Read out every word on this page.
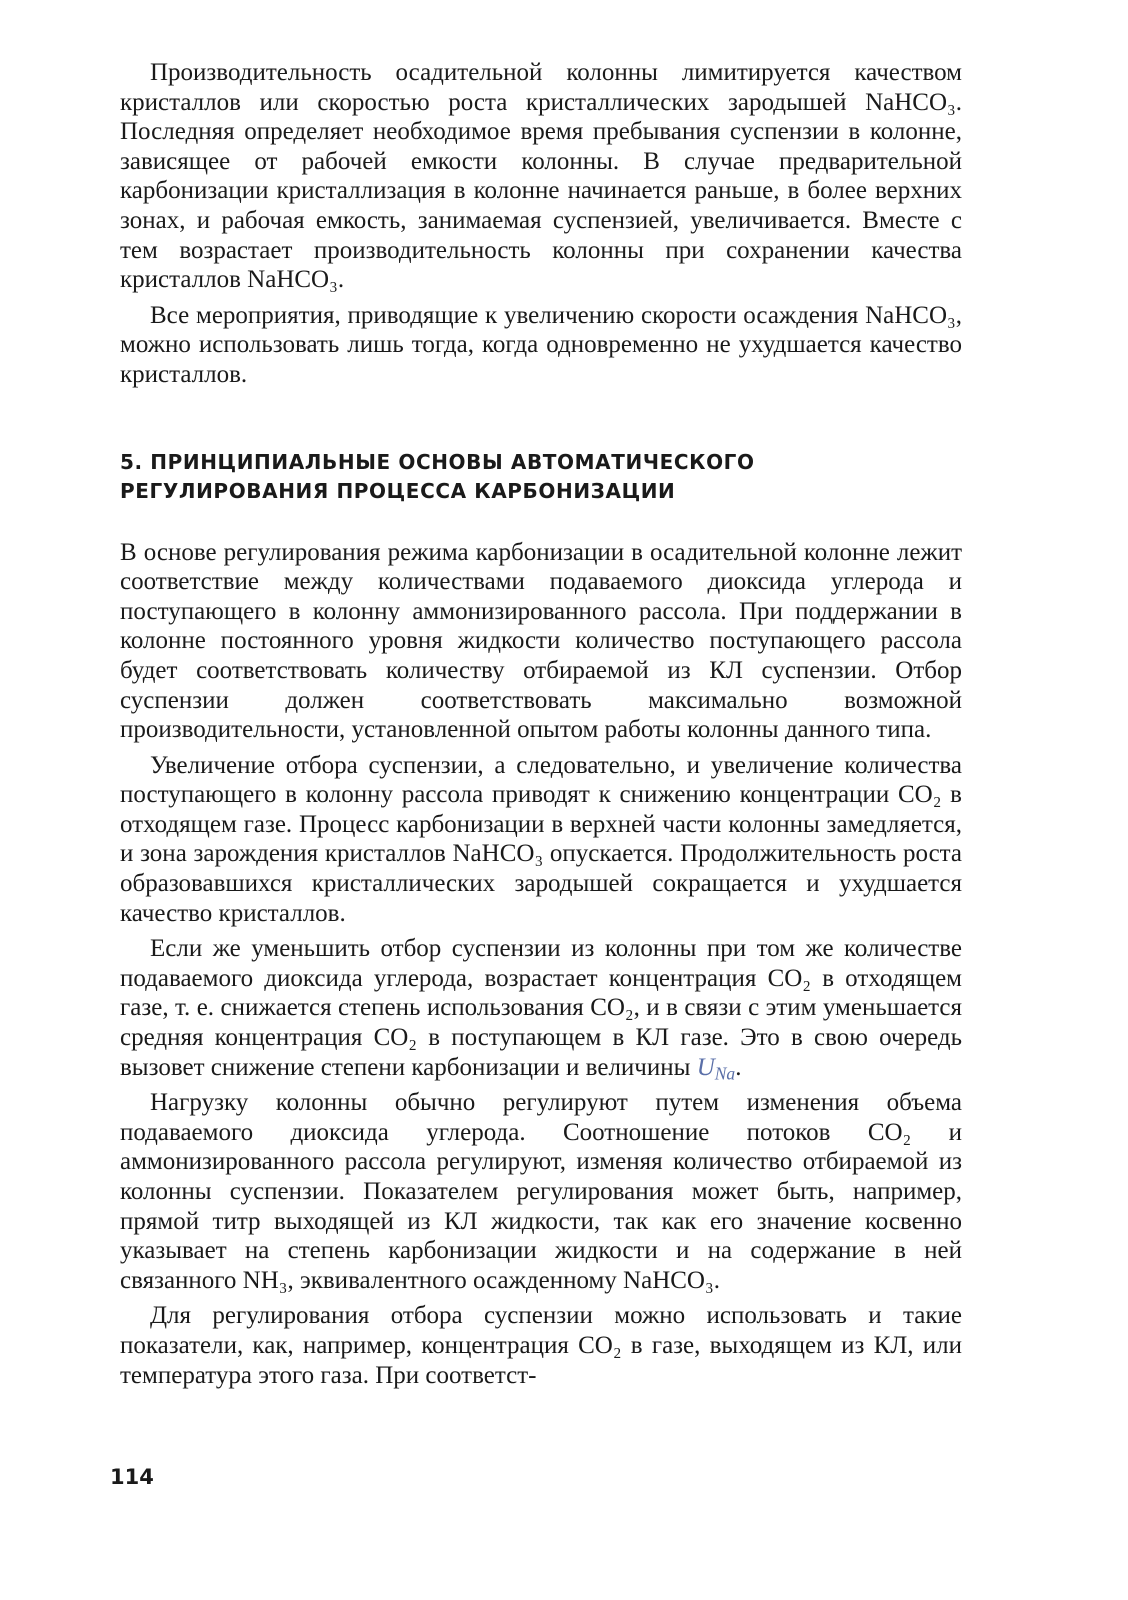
Производительность осадительной колонны лимитируется качеством кристаллов или скоростью роста кристаллических зародышей NaHCO₃. Последняя определяет необходимое время пребывания суспензии в колонне, зависящее от рабочей емкости колонны. В случае предварительной карбонизации кристаллизация в колонне начинается раньше, в более верхних зонах, и рабочая емкость, занимаемая суспензией, увеличивается. Вместе с тем возрастает производительность колонны при сохранении качества кристаллов NaHCO₃.

Все мероприятия, приводящие к увеличению скорости осаждения NaHCO₃, можно использовать лишь тогда, когда одновременно не ухудшается качество кристаллов.

5. ПРИНЦИПИАЛЬНЫЕ ОСНОВЫ АВТОМАТИЧЕСКОГО
РЕГУЛИРОВАНИЯ ПРОЦЕССА КАРБОНИЗАЦИИ

В основе регулирования режима карбонизации в осадительной колонне лежит соответствие между количествами подаваемого диоксида углерода и поступающего в колонну аммонизированного рассола. При поддержании в колонне постоянного уровня жидкости количество поступающего рассола будет соответствовать количеству отбираемой из КЛ суспензии. Отбор суспензии должен соответствовать максимально возможной производительности, установленной опытом работы колонны данного типа.

Увеличение отбора суспензии, а следовательно, и увеличение количества поступающего в колонну рассола приводят к снижению концентрации CO₂ в отходящем газе. Процесс карбонизации в верхней части колонны замедляется, и зона зарождения кристаллов NaHCO₃ опускается. Продолжительность роста образовавшихся кристаллических зародышей сокращается и ухудшается качество кристаллов.

Если же уменьшить отбор суспензии из колонны при том же количестве подаваемого диоксида углерода, возрастает концентрация CO₂ в отходящем газе, т. е. снижается степень использования CO₂, и в связи с этим уменьшается средняя концентрация CO₂ в поступающем в КЛ газе. Это в свою очередь вызовет снижение степени карбонизации и величины $U_{Na}$.

Нагрузку колонны обычно регулируют путем изменения объема подаваемого диоксида углерода. Соотношение потоков CO₂ и аммонизированного рассола регулируют, изменяя количество отбираемой из колонны суспензии. Показателем регулирования может быть, например, прямой титр выходящей из КЛ жидкости, так как его значение косвенно указывает на степень карбонизации жидкости и на содержание в ней связанного NH₃, эквивалентного осажденному NaHCO₃.

Для регулирования отбора суспензии можно использовать и такие показатели, как, например, концентрация CO₂ в газе, выходящем из КЛ, или температура этого газа. При соответст-

114
